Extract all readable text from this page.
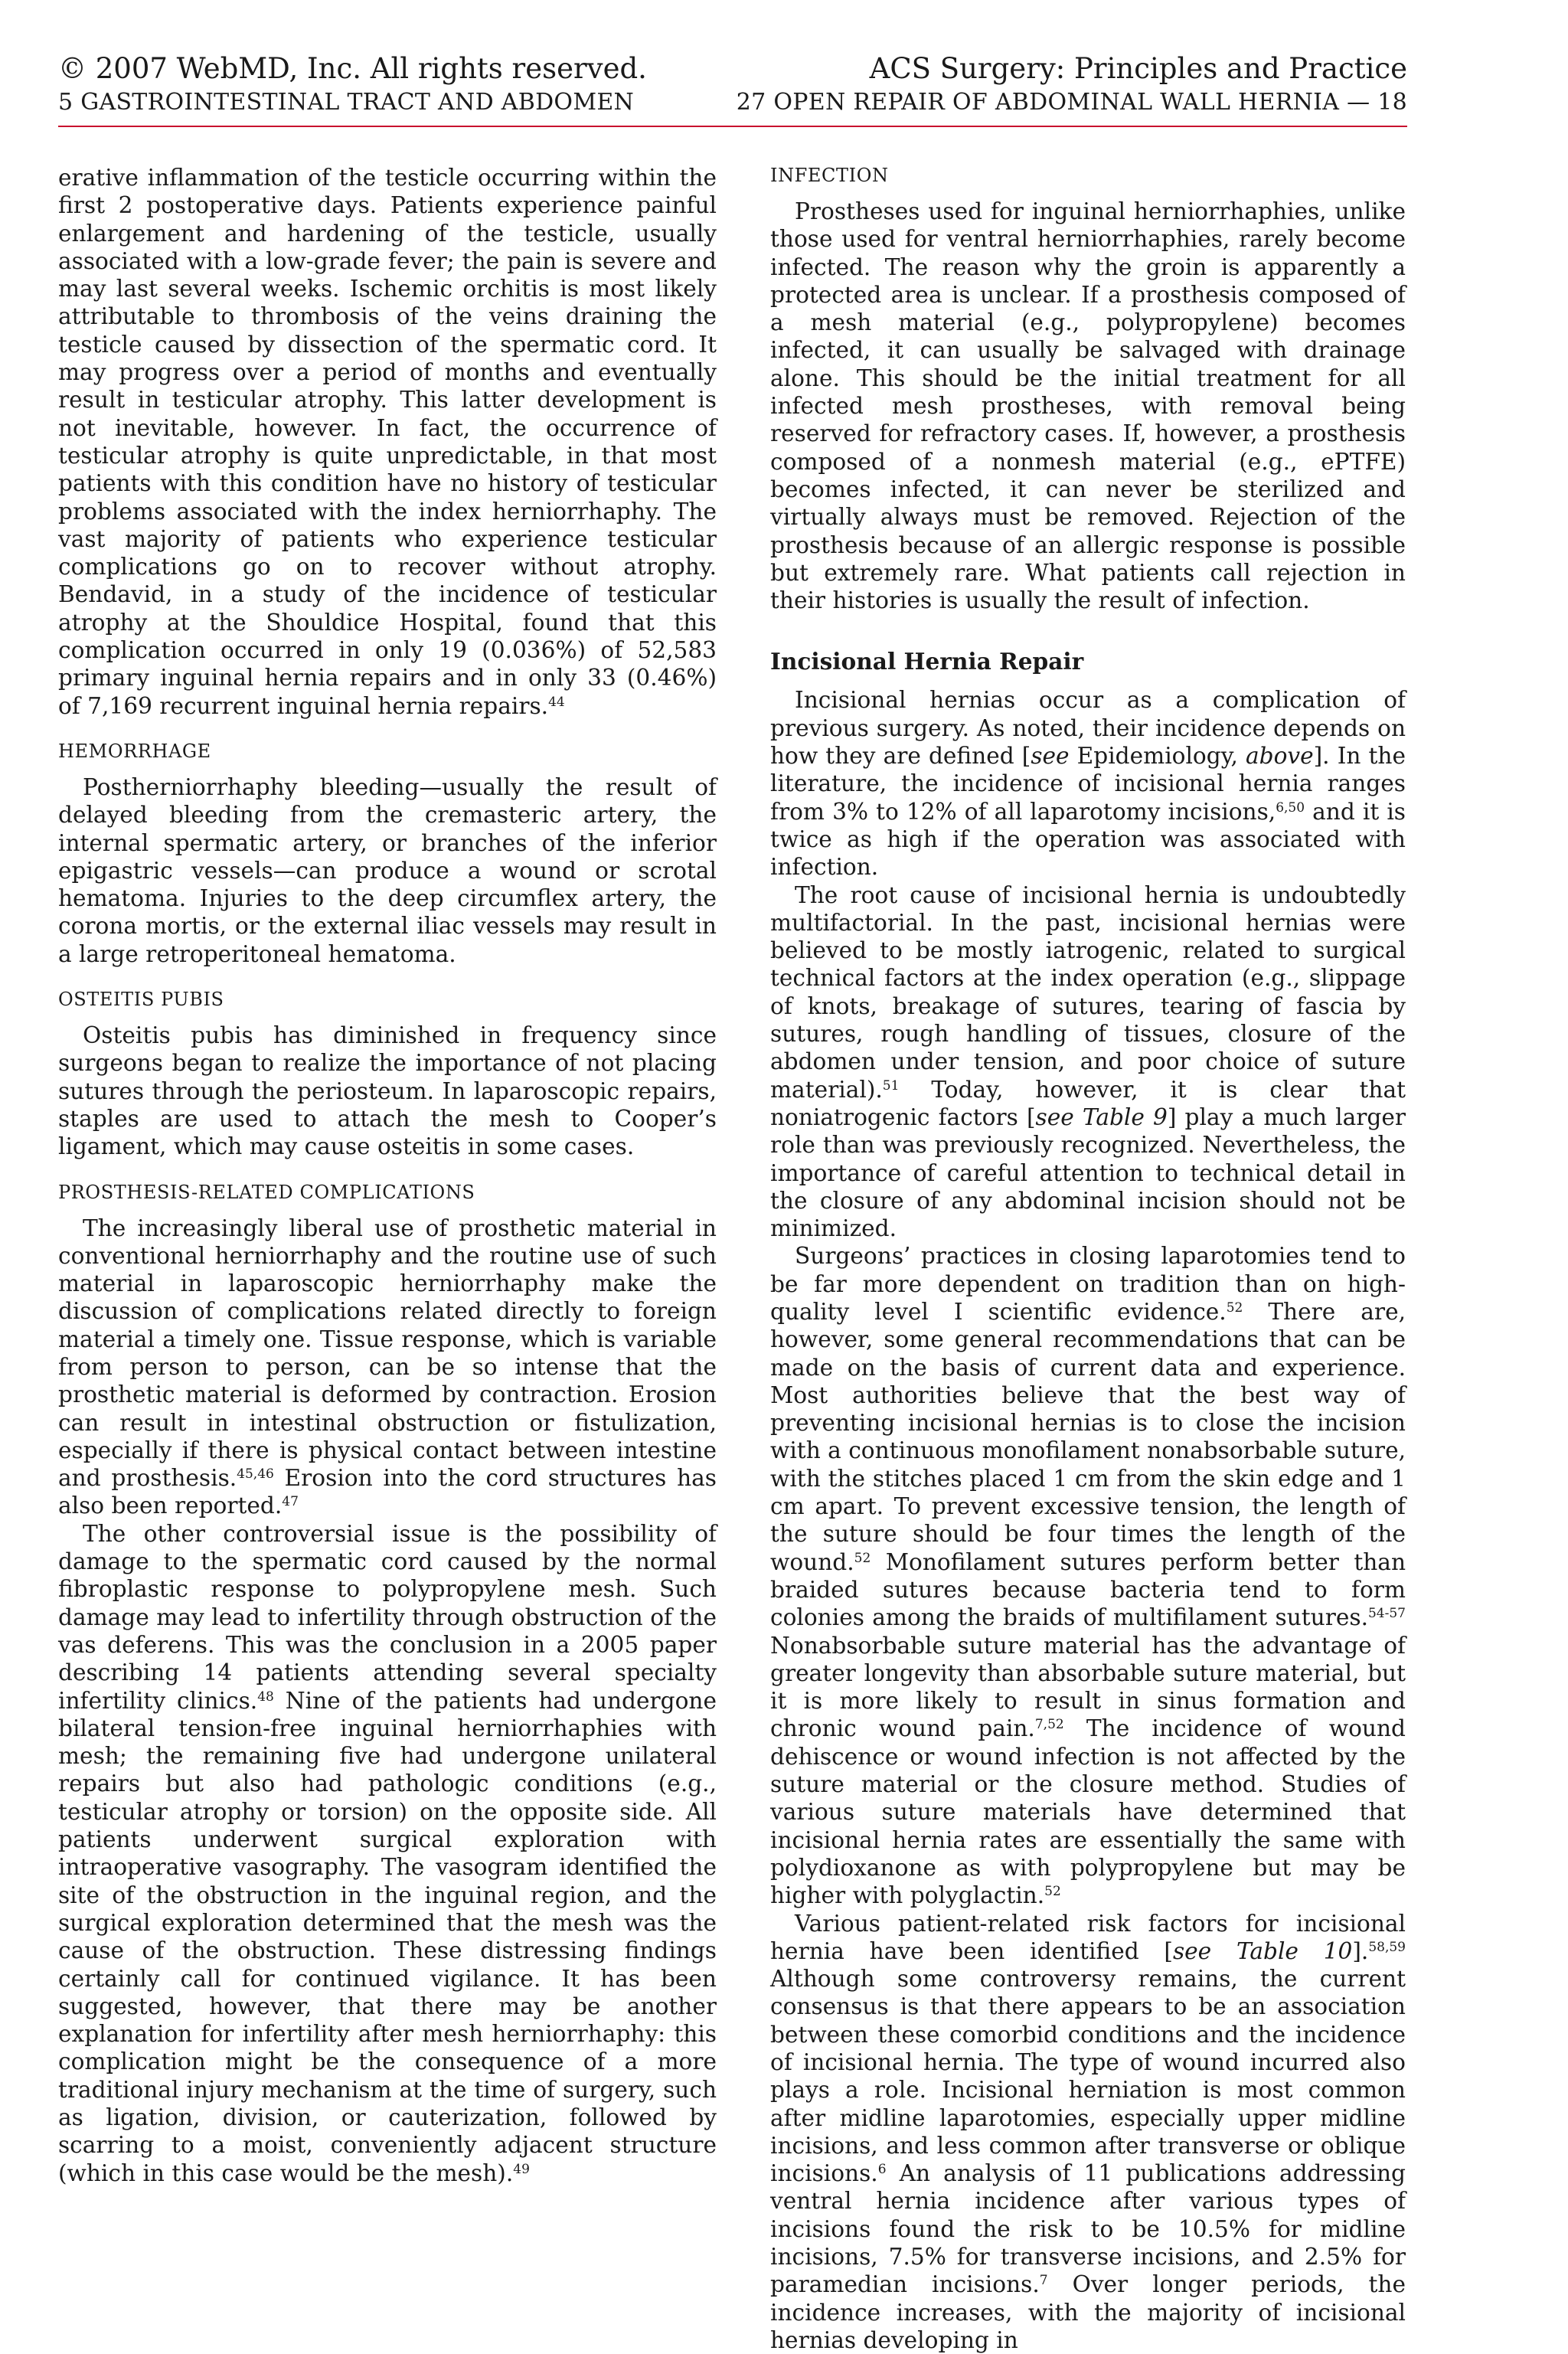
© 2007 WebMD, Inc. All rights reserved.
5 GASTROINTESTINAL TRACT AND ABDOMEN
ACS Surgery: Principles and Practice
27 OPEN REPAIR OF ABDOMINAL WALL HERNIA — 18

erative inflammation of the testicle occurring within the first 2 postoperative days. Patients experience painful enlargement and hardening of the testicle, usually associated with a low-grade fever; the pain is severe and may last several weeks. Ischemic orchitis is most likely attributable to thrombosis of the veins draining the testicle caused by dissection of the spermatic cord. It may progress over a period of months and eventually result in testicular atrophy. This latter development is not inevitable, however. In fact, the occurrence of testicular atrophy is quite unpredictable, in that most patients with this condition have no history of testicular problems associated with the index herniorrhaphy. The vast majority of patients who experience testicular complications go on to recover without atrophy. Bendavid, in a study of the incidence of testicular atrophy at the Shouldice Hospital, found that this complication occurred in only 19 (0.036%) of 52,583 primary inguinal hernia repairs and in only 33 (0.46%) of 7,169 recurrent inguinal hernia repairs.$^{44}$

HEMORRHAGE

Postherniorrhaphy bleeding—usually the result of delayed bleeding from the cremasteric artery, the internal spermatic artery, or branches of the inferior epigastric vessels—can produce a wound or scrotal hematoma. Injuries to the deep circumflex artery, the corona mortis, or the external iliac vessels may result in a large retroperitoneal hematoma.

OSTEITIS PUBIS

Osteitis pubis has diminished in frequency since surgeons began to realize the importance of not placing sutures through the periosteum. In laparoscopic repairs, staples are used to attach the mesh to Cooper’s ligament, which may cause osteitis in some cases.

PROSTHESIS-RELATED COMPLICATIONS

The increasingly liberal use of prosthetic material in conventional herniorrhaphy and the routine use of such material in laparoscopic herniorrhaphy make the discussion of complications related directly to foreign material a timely one. Tissue response, which is variable from person to person, can be so intense that the prosthetic material is deformed by contraction. Erosion can result in intestinal obstruction or fistulization, especially if there is physical contact between intestine and prosthesis.$^{45,46}$ Erosion into the cord structures has also been reported.$^{47}$

The other controversial issue is the possibility of damage to the spermatic cord caused by the normal fibroplastic response to polypropylene mesh. Such damage may lead to infertility through obstruction of the vas deferens. This was the conclusion in a 2005 paper describing 14 patients attending several specialty infertility clinics.$^{48}$ Nine of the patients had undergone bilateral tension-free inguinal herniorrhaphies with mesh; the remaining five had undergone unilateral repairs but also had pathologic conditions (e.g., testicular atrophy or torsion) on the opposite side. All patients underwent surgical exploration with intraoperative vasography. The vasogram identified the site of the obstruction in the inguinal region, and the surgical exploration determined that the mesh was the cause of the obstruction. These distressing findings certainly call for continued vigilance. It has been suggested, however, that there may be another explanation for infertility after mesh herniorrhaphy: this complication might be the consequence of a more traditional injury mechanism at the time of surgery, such as ligation, division, or cauterization, followed by scarring to a moist, conveniently adjacent structure (which in this case would be the mesh).$^{49}$

INFECTION

Prostheses used for inguinal herniorrhaphies, unlike those used for ventral herniorrhaphies, rarely become infected. The reason why the groin is apparently a protected area is unclear. If a prosthesis composed of a mesh material (e.g., polypropylene) becomes infected, it can usually be salvaged with drainage alone. This should be the initial treatment for all infected mesh prostheses, with removal being reserved for refractory cases. If, however, a prosthesis composed of a nonmesh material (e.g., ePTFE) becomes infected, it can never be sterilized and virtually always must be removed. Rejection of the prosthesis because of an allergic response is possible but extremely rare. What patients call rejection in their histories is usually the result of infection.

Incisional Hernia Repair

Incisional hernias occur as a complication of previous surgery. As noted, their incidence depends on how they are defined [see Epidemiology, above]. In the literature, the incidence of incisional hernia ranges from 3% to 12% of all laparotomy incisions,$^{6,50}$ and it is twice as high if the operation was associated with infection.

The root cause of incisional hernia is undoubtedly multifactorial. In the past, incisional hernias were believed to be mostly iatrogenic, related to surgical technical factors at the index operation (e.g., slippage of knots, breakage of sutures, tearing of fascia by sutures, rough handling of tissues, closure of the abdomen under tension, and poor choice of suture material).$^{51}$ Today, however, it is clear that noniatrogenic factors [see Table 9] play a much larger role than was previously recognized. Nevertheless, the importance of careful attention to technical detail in the closure of any abdominal incision should not be minimized.

Surgeons’ practices in closing laparotomies tend to be far more dependent on tradition than on high-quality level I scientific evidence.$^{52}$ There are, however, some general recommendations that can be made on the basis of current data and experience. Most authorities believe that the best way of preventing incisional hernias is to close the incision with a continuous monofilament nonabsorbable suture, with the stitches placed 1 cm from the skin edge and 1 cm apart. To prevent excessive tension, the length of the suture should be four times the length of the wound.$^{52}$ Monofilament sutures perform better than braided sutures because bacteria tend to form colonies among the braids of multifilament sutures.$^{54-57}$ Nonabsorbable suture material has the advantage of greater longevity than absorbable suture material, but it is more likely to result in sinus formation and chronic wound pain.$^{7,52}$ The incidence of wound dehiscence or wound infection is not affected by the suture material or the closure method. Studies of various suture materials have determined that incisional hernia rates are essentially the same with polydioxanone as with polypropylene but may be higher with polyglactin.$^{52}$

Various patient-related risk factors for incisional hernia have been identified [see Table 10].$^{58,59}$ Although some controversy remains, the current consensus is that there appears to be an association between these comorbid conditions and the incidence of incisional hernia. The type of wound incurred also plays a role. Incisional herniation is most common after midline laparotomies, especially upper midline incisions, and less common after transverse or oblique incisions.$^6$ An analysis of 11 publications addressing ventral hernia incidence after various types of incisions found the risk to be 10.5% for midline incisions, 7.5% for transverse incisions, and 2.5% for paramedian incisions.$^7$ Over longer periods, the incidence increases, with the majority of incisional hernias developing in
